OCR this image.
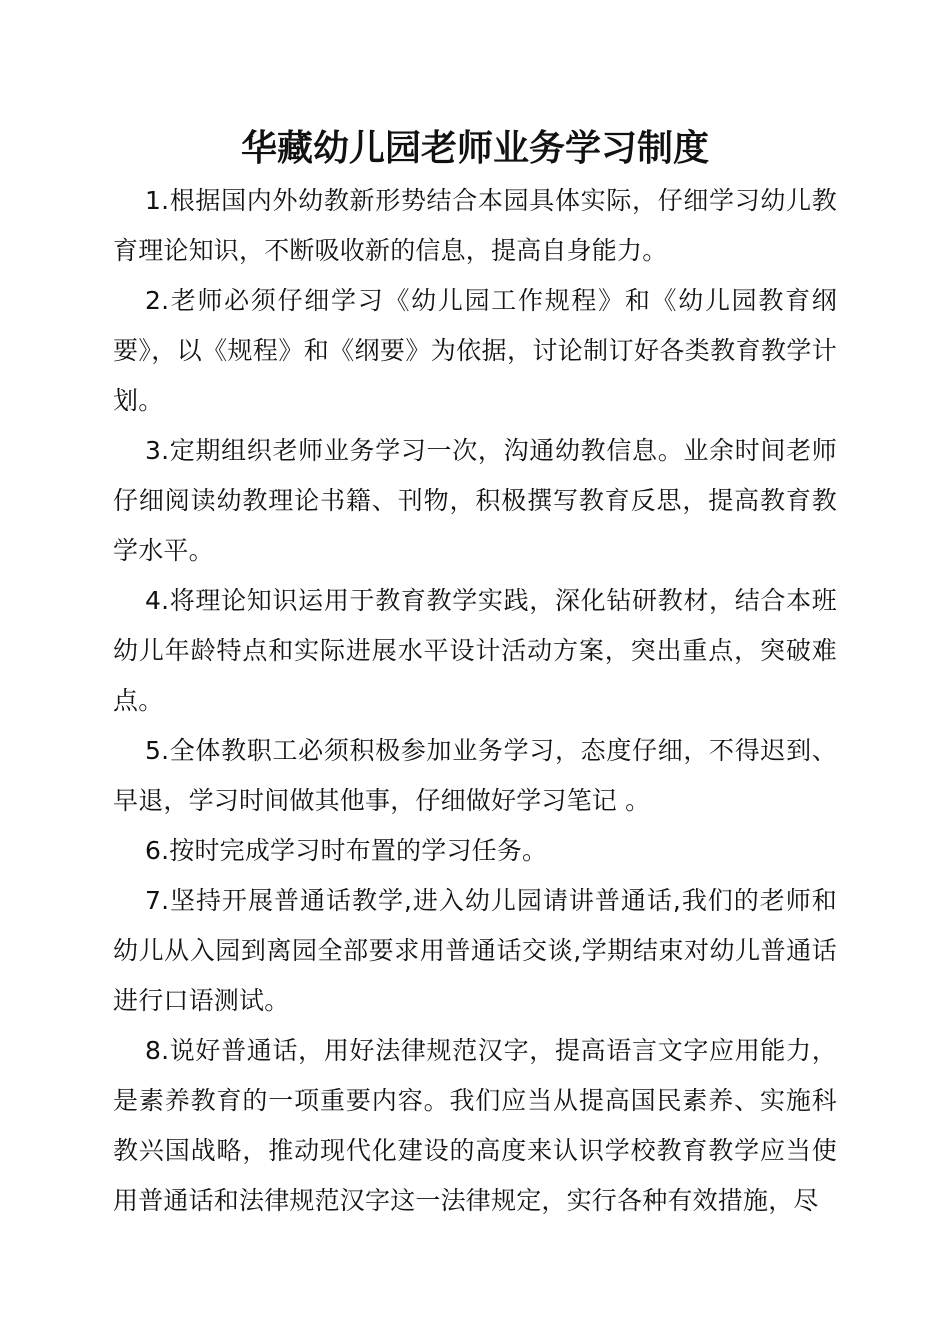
华藏幼儿园老师业务学习制度

1.根据国内外幼教新形势结合本园具体实际，仔细学习幼儿教育理论知识，不断吸收新的信息，提高自身能力。

2.老师必须仔细学习《幼儿园工作规程》和《幼儿园教育纲要》，以《规程》和《纲要》为依据，讨论制订好各类教育教学计划。

3.定期组织老师业务学习一次，沟通幼教信息。业余时间老师仔细阅读幼教理论书籍、刊物，积极撰写教育反思，提高教育教学水平。

4.将理论知识运用于教育教学实践，深化钻研教材，结合本班幼儿年龄特点和实际进展水平设计活动方案，突出重点，突破难点。

5.全体教职工必须积极参加业务学习，态度仔细，不得迟到、早退，学习时间做其他事，仔细做好学习笔记 。

6.按时完成学习时布置的学习任务。

7.坚持开展普通话教学,进入幼儿园请讲普通话,我们的老师和幼儿从入园到离园全部要求用普通话交谈,学期结束对幼儿普通话进行口语测试。

8.说好普通话，用好法律规范汉字，提高语言文字应用能力，是素养教育的一项重要内容。我们应当从提高国民素养、实施科教兴国战略，推动现代化建设的高度来认识学校教育教学应当使用普通话和法律规范汉字这一法律规定，实行各种有效措施，尽
